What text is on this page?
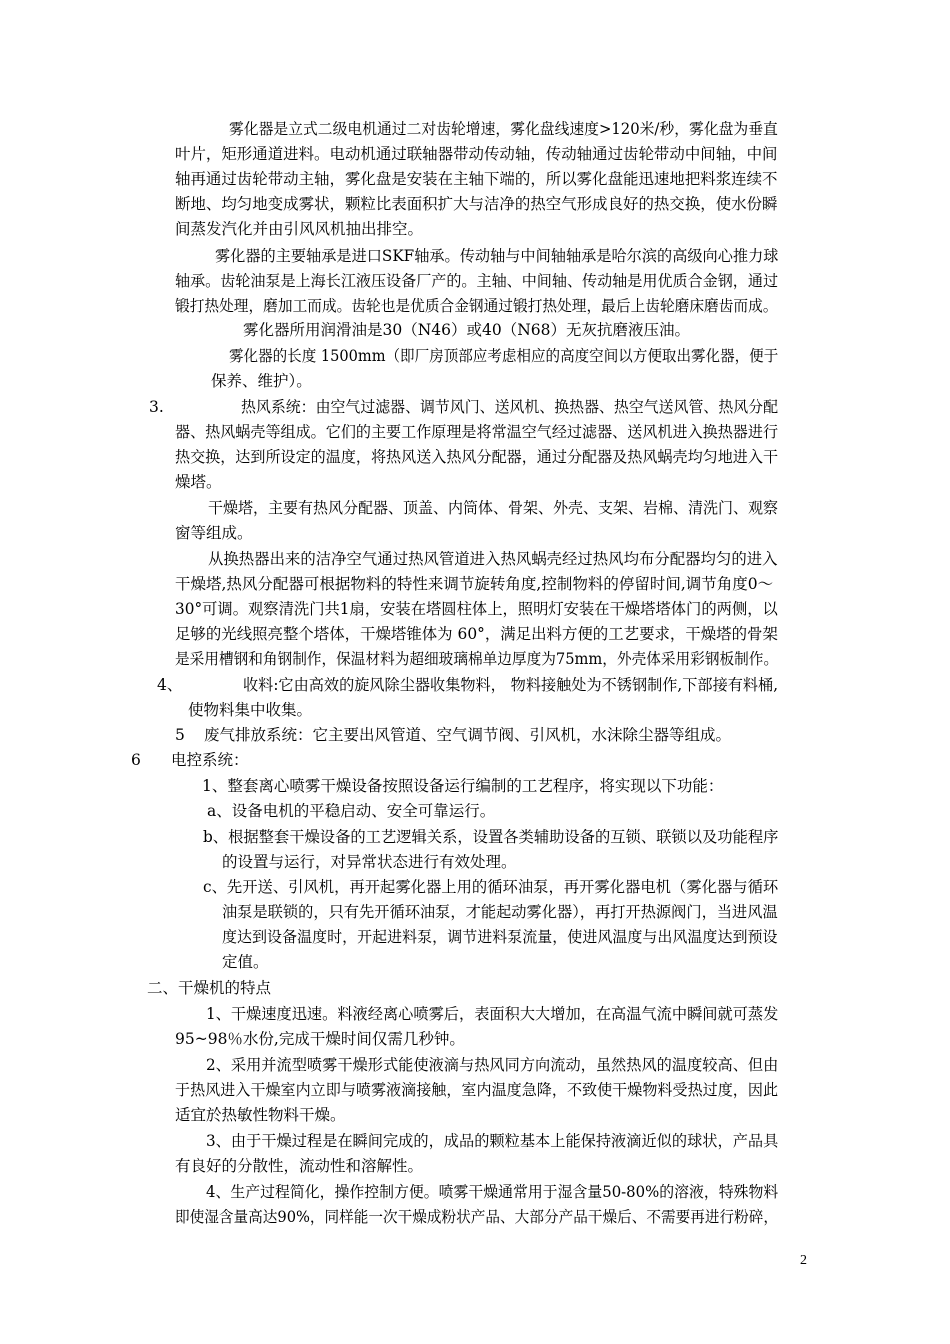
雾化器是立式二级电机通过二对齿轮增速，雾化盘线速度>120米/秒，雾化盘为垂直
叶片，矩形通道进料。电动机通过联轴器带动传动轴，传动轴通过齿轮带动中间轴，中间
轴再通过齿轮带动主轴，雾化盘是安装在主轴下端的，所以雾化盘能迅速地把料浆连续不
断地、均匀地变成雾状，颗粒比表面积扩大与洁净的热空气形成良好的热交换，使水份瞬
间蒸发汽化并由引风风机抽出排空。
雾化器的主要轴承是进口SKF轴承。传动轴与中间轴轴承是哈尔滨的高级向心推力球
轴承。齿轮油泵是上海长江液压设备厂产的。主轴、中间轴、传动轴是用优质合金钢，通过
锻打热处理，磨加工而成。齿轮也是优质合金钢通过锻打热处理，最后上齿轮磨床磨齿而成。
雾化器所用润滑油是30（N46）或40（N68）无灰抗磨液压油。
雾化器的长度 1500mm（即厂房顶部应考虑相应的高度空间以方便取出雾化器，便于
保养、维护）。
3.	热风系统：由空气过滤器、调节风门、送风机、换热器、热空气送风管、热风分配
器、热风蜗壳等组成。它们的主要工作原理是将常温空气经过滤器、送风机进入换热器进行
热交换，达到所设定的温度，将热风送入热风分配器，通过分配器及热风蜗壳均匀地进入干
燥塔。
干燥塔，主要有热风分配器、顶盖、内筒体、骨架、外壳、支架、岩棉、清洗门、观察
窗等组成。
从换热器出来的洁净空气通过热风管道进入热风蜗壳经过热风均布分配器均匀的进入
干燥塔,热风分配器可根据物料的特性来调节旋转角度,控制物料的停留时间,调节角度0～
30°可调。观察清洗门共1扇，安装在塔圆柱体上，照明灯安装在干燥塔塔体门的两侧，以
足够的光线照亮整个塔体，干燥塔锥体为 60°，满足出料方便的工艺要求，干燥塔的骨架
是采用槽钢和角钢制作，保温材料为超细玻璃棉单边厚度为75mm，外壳体采用彩钢板制作。
4、	收料:它由高效的旋风除尘器收集物料， 物料接触处为不锈钢制作,下部接有料桶,
使物料集中收集。
5 废气排放系统：它主要出风管道、空气调节阀、引风机，水沫除尘器等组成。
6 电控系统：
1、整套离心喷雾干燥设备按照设备运行编制的工艺程序，将实现以下功能：
a、设备电机的平稳启动、安全可靠运行。
b、根据整套干燥设备的工艺逻辑关系，设置各类辅助设备的互锁、联锁以及功能程序
的设置与运行，对异常状态进行有效处理。
c、先开送、引风机，再开起雾化器上用的循环油泵，再开雾化器电机（雾化器与循环
油泵是联锁的，只有先开循环油泵，才能起动雾化器），再打开热源阀门，当进风温
度达到设备温度时，开起进料泵，调节进料泵流量，使进风温度与出风温度达到预设
定值。
二、干燥机的特点
1、干燥速度迅速。料液经离心喷雾后，表面积大大增加，在高温气流中瞬间就可蒸发
95~98％水份,完成干燥时间仅需几秒钟。
2、采用并流型喷雾干燥形式能使液滴与热风同方向流动，虽然热风的温度较高、但由
于热风进入干燥室内立即与喷雾液滴接触，室内温度急降，不致使干燥物料受热过度，因此
适宜於热敏性物料干燥。
3、由于干燥过程是在瞬间完成的，成品的颗粒基本上能保持液滴近似的球状，产品具
有良好的分散性，流动性和溶解性。
4、生产过程简化，操作控制方便。喷雾干燥通常用于湿含量50-80%的溶液，特殊物料
即使湿含量高达90%，同样能一次干燥成粉状产品、大部分产品干燥后、不需要再进行粉碎，
2
